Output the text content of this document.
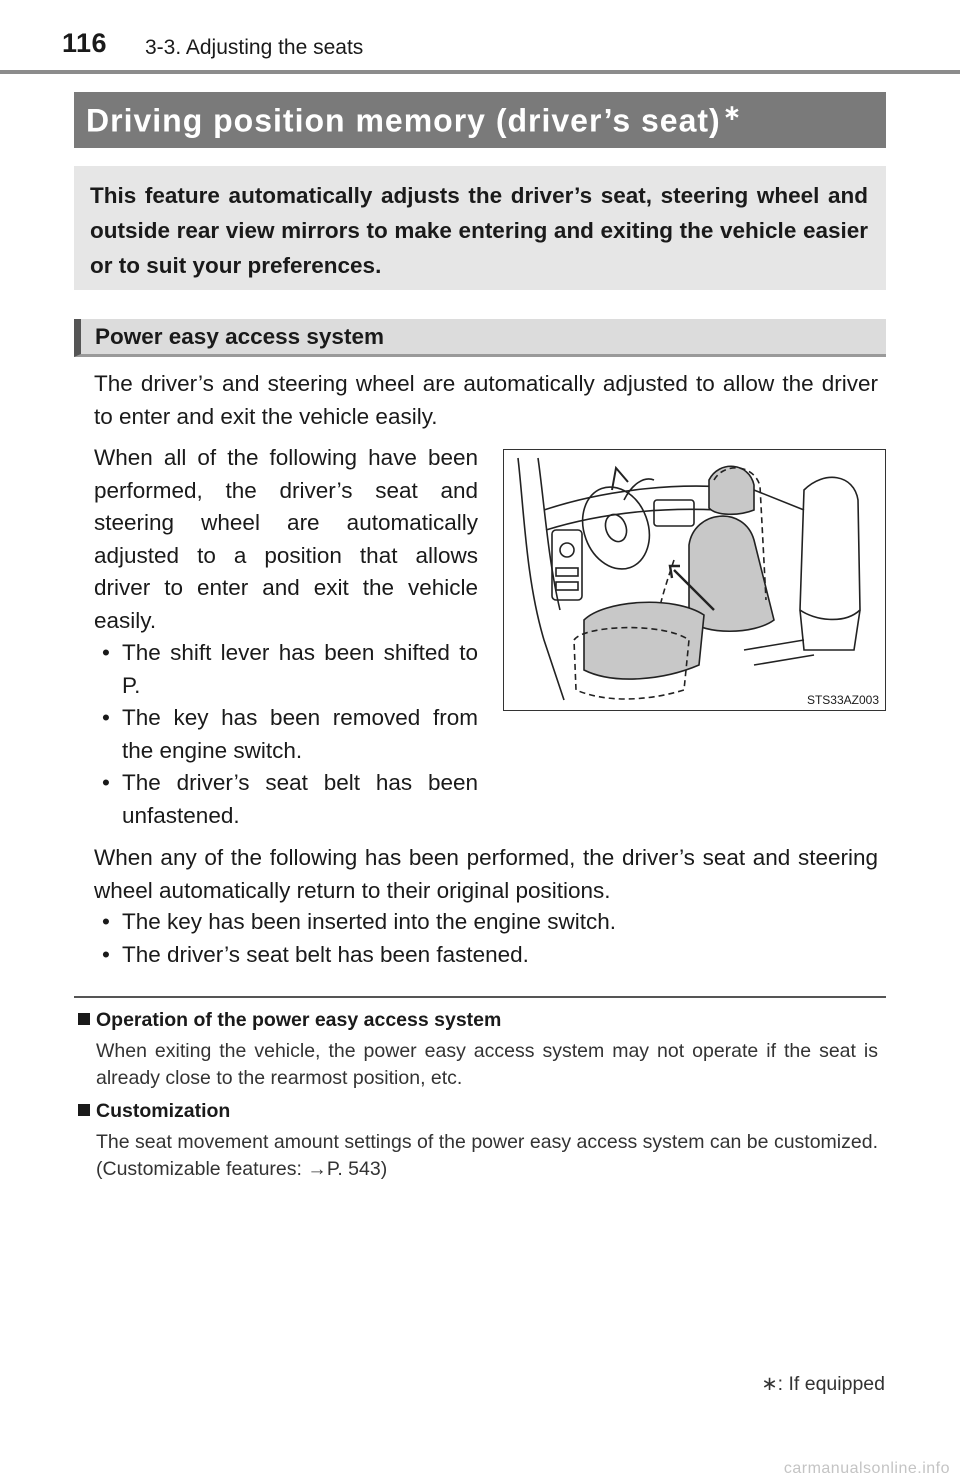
116 3-3. Adjusting the seats
Driving position memory (driver’s seat)∗
This feature automatically adjusts the driver’s seat, steering wheel and outside rear view mirrors to make entering and exiting the vehicle easier or to suit your preferences.
Power easy access system
The driver’s and steering wheel are automatically adjusted to allow the driver to enter and exit the vehicle easily.
When all of the following have been performed, the driver’s seat and steering wheel are automatically adjusted to a position that allows driver to enter and exit the vehicle easily.
• The shift lever has been shifted to P.
• The key has been removed from the engine switch.
• The driver’s seat belt has been unfastened.
STS33AZ003
When any of the following has been performed, the driver’s seat and steering wheel automatically return to their original positions.
• The key has been inserted into the engine switch.
• The driver’s seat belt has been fastened.
Operation of the power easy access system
When exiting the vehicle, the power easy access system may not operate if the seat is already close to the rearmost position, etc.
Customization
The seat movement amount settings of the power easy access system can be customized. (Customizable features: →P. 543)
∗: If equipped
carmanualsonline.info
